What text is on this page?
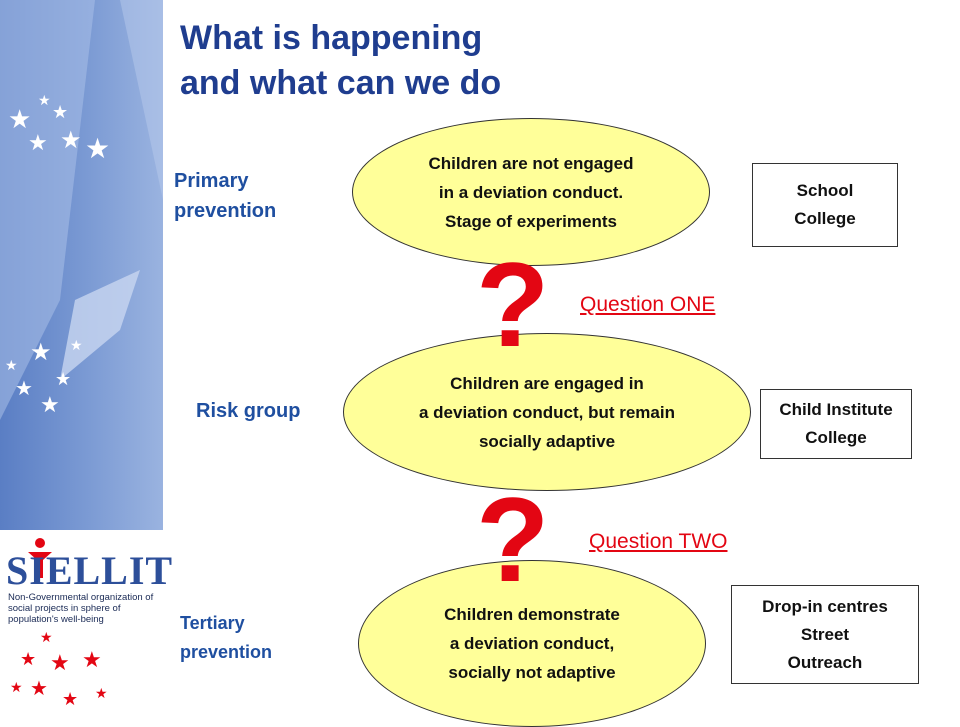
★
★
★
★ ★
★
★
★
★
★
★
★
★
★ ★ ★
★ ★ ★ ★
SIELLIT
Non-Governmental organization of social projects in sphere of population's well-being
What is happening
and what can we do
Primary
prevention
Risk group
Tertiary
prevention
Children are not engaged
in a deviation conduct.
Stage of experiments
Children are engaged in
a deviation conduct, but remain
socially adaptive
Children demonstrate
a deviation conduct,
socially not adaptive
School
College
Child Institute
College
Drop-in centres
Street
Outreach
?
?
Question ONE
Question TWO
